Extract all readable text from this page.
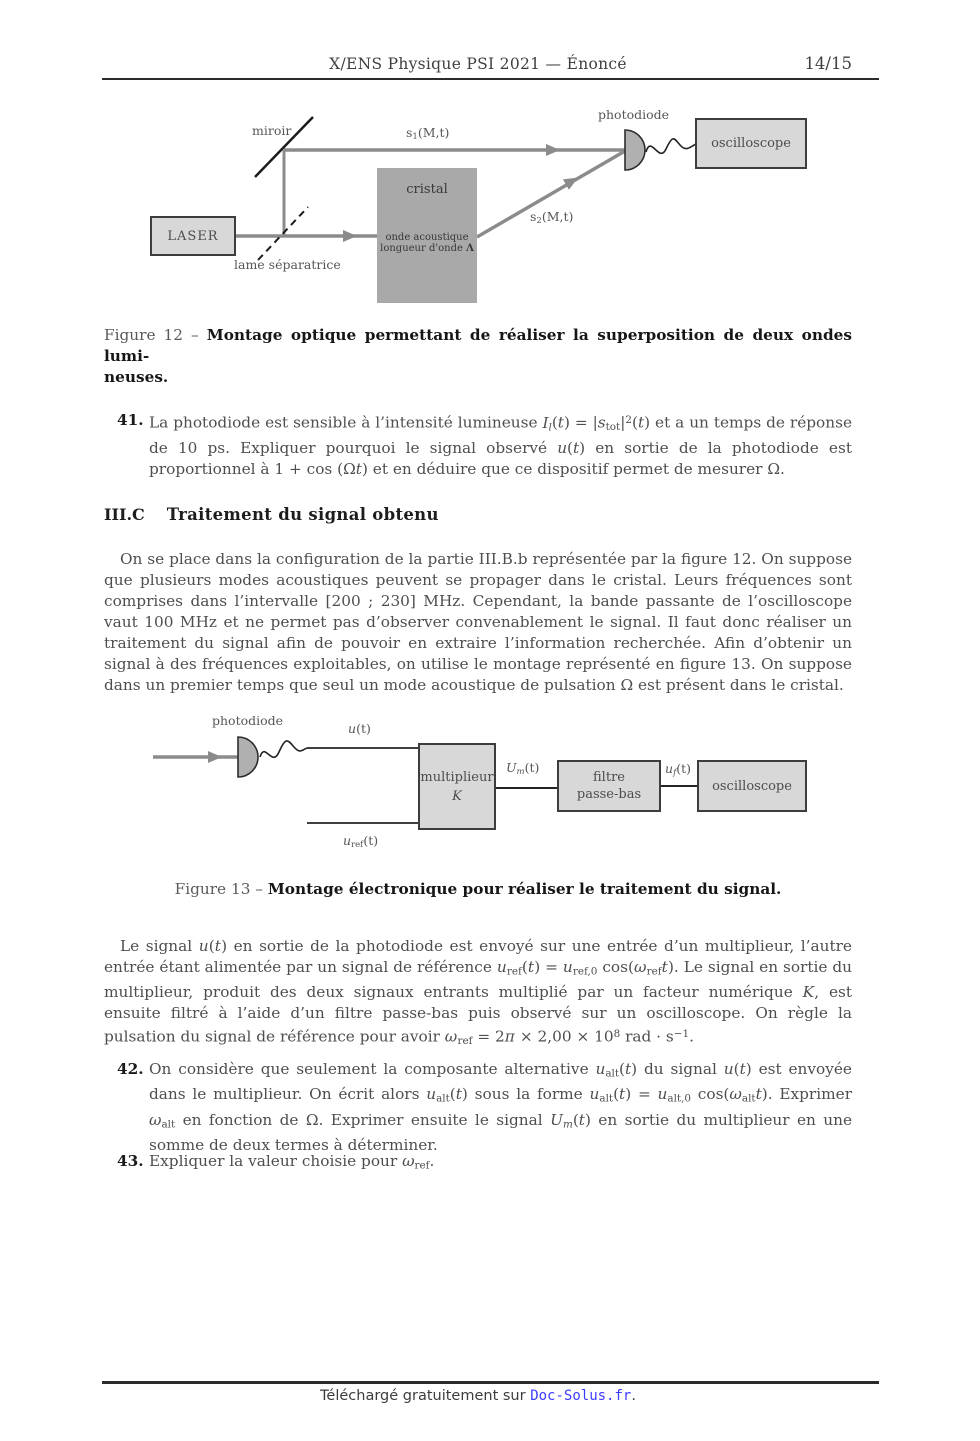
X/ENS Physique PSI 2021 — Énoncé	14/15
LASER
cristal
onde acoustique
longueur d'onde Λ
oscilloscope
miroir
lame séparatrice
$s_1(M,t)$
$s_2(M,t)$
photodiode
Figure 12 – Montage optique permettant de réaliser la superposition de deux ondes lumi-
neuses.
41. La photodiode est sensible à l’intensité lumineuse $I_l(t) = |s_{tot}|^2(t)$ et a un temps de réponse de 10 ps. Expliquer pourquoi le signal observé u(t) en sortie de la photodiode est proportionnel à 1 + cos (Ωt) et en déduire que ce dispositif permet de mesurer Ω.
III.C Traitement du signal obtenu
On se place dans la configuration de la partie III.B.b représentée par la figure 12. On suppose que plusieurs modes acoustiques peuvent se propager dans le cristal. Leurs fréquences sont comprises dans l’intervalle [200 ; 230] MHz. Cependant, la bande passante de l’oscilloscope vaut 100 MHz et ne permet pas d’observer convenablement le signal. Il faut donc réaliser un traitement du signal afin de pouvoir en extraire l’information recherchée. Afin d’obtenir un signal à des fréquences exploitables, on utilise le montage représenté en figure 13. On suppose dans un premier temps que seul un mode acoustique de pulsation Ω est présent dans le cristal.
multiplieur
K
filtre
passe-bas
oscilloscope
photodiode
u(t)
$u_{ref}(t)$
$U_m(t)$	$u_f(t)$
Figure 13 – Montage électronique pour réaliser le traitement du signal.
Le signal u(t) en sortie de la photodiode est envoyé sur une entrée d’un multiplieur, l’autre entrée étant alimentée par un signal de référence $u_{ref}(t) = u_{ref,0}$ $\cos(\omega_{ref}t)$. Le signal en sortie du multiplieur, produit des deux signaux entrants multiplié par un facteur numérique K, est ensuite filtré à l’aide d’un filtre passe-bas puis observé sur un oscilloscope. On règle la pulsation du signal de référence pour avoir $\omega_{ref} = 2\pi \times 2,00 \times 10^8$ rad · $s^{-1}$.
42. On considère que seulement la composante alternative $u_{alt}(t)$ du signal u(t) est envoyée dans le multiplieur. On écrit alors $u_{alt}(t)$ sous la forme $u_{alt}(t) = u_{alt,0}$ $\cos(\omega_{alt}t)$. Exprimer $\omega_{alt}$ en fonction de Ω. Exprimer ensuite le signal $U_m(t)$ en sortie du multiplieur en une somme de deux termes à déterminer.
43. Expliquer la valeur choisie pour $\omega_{ref}$.
Téléchargé gratuitement sur Doc-Solus.fr.
